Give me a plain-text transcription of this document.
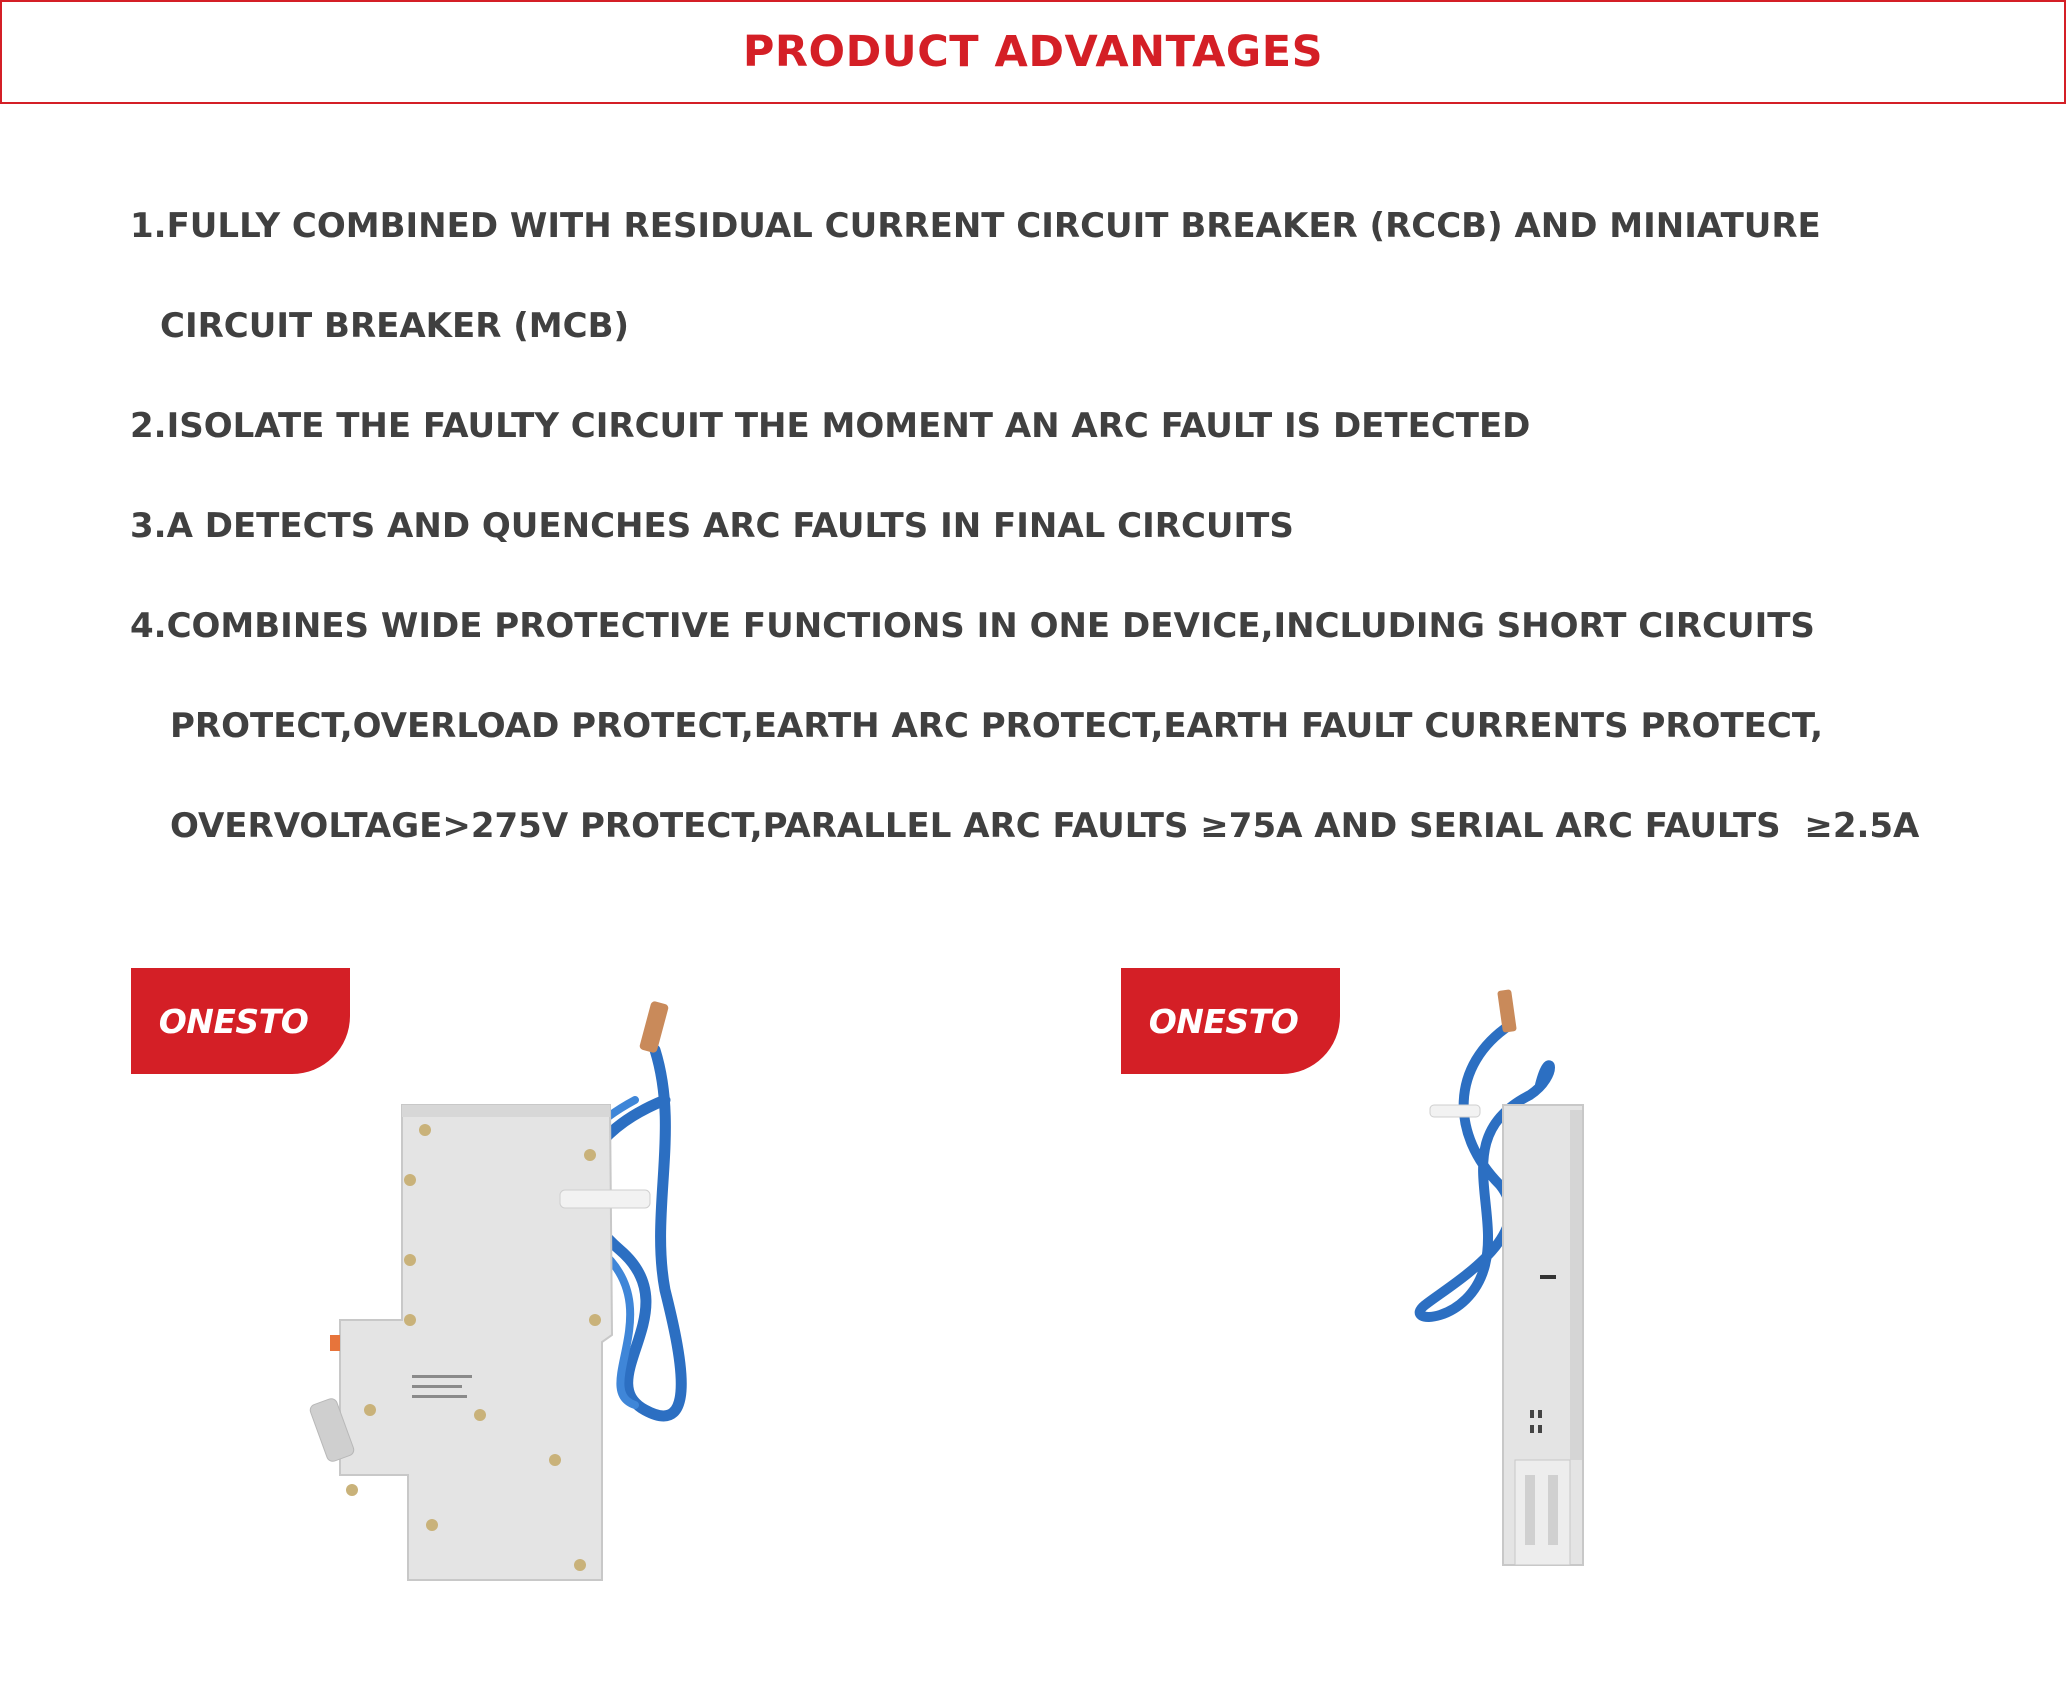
PRODUCT ADVANTAGES
1.FULLY COMBINED WITH RESIDUAL CURRENT CIRCUIT BREAKER (RCCB) AND MINIATURE
CIRCUIT BREAKER (MCB)
2.ISOLATE THE FAULTY CIRCUIT THE MOMENT AN ARC FAULT IS DETECTED
3.A DETECTS AND QUENCHES ARC FAULTS IN FINAL CIRCUITS
4.COMBINES WIDE PROTECTIVE FUNCTIONS IN ONE DEVICE,INCLUDING SHORT CIRCUITS
PROTECT,OVERLOAD PROTECT,EARTH ARC PROTECT,EARTH FAULT CURRENTS PROTECT,
OVERVOLTAGE>275V PROTECT,PARALLEL ARC FAULTS ≥75A AND SERIAL ARC FAULTS  ≥2.5A
ONESTO	ONESTO
